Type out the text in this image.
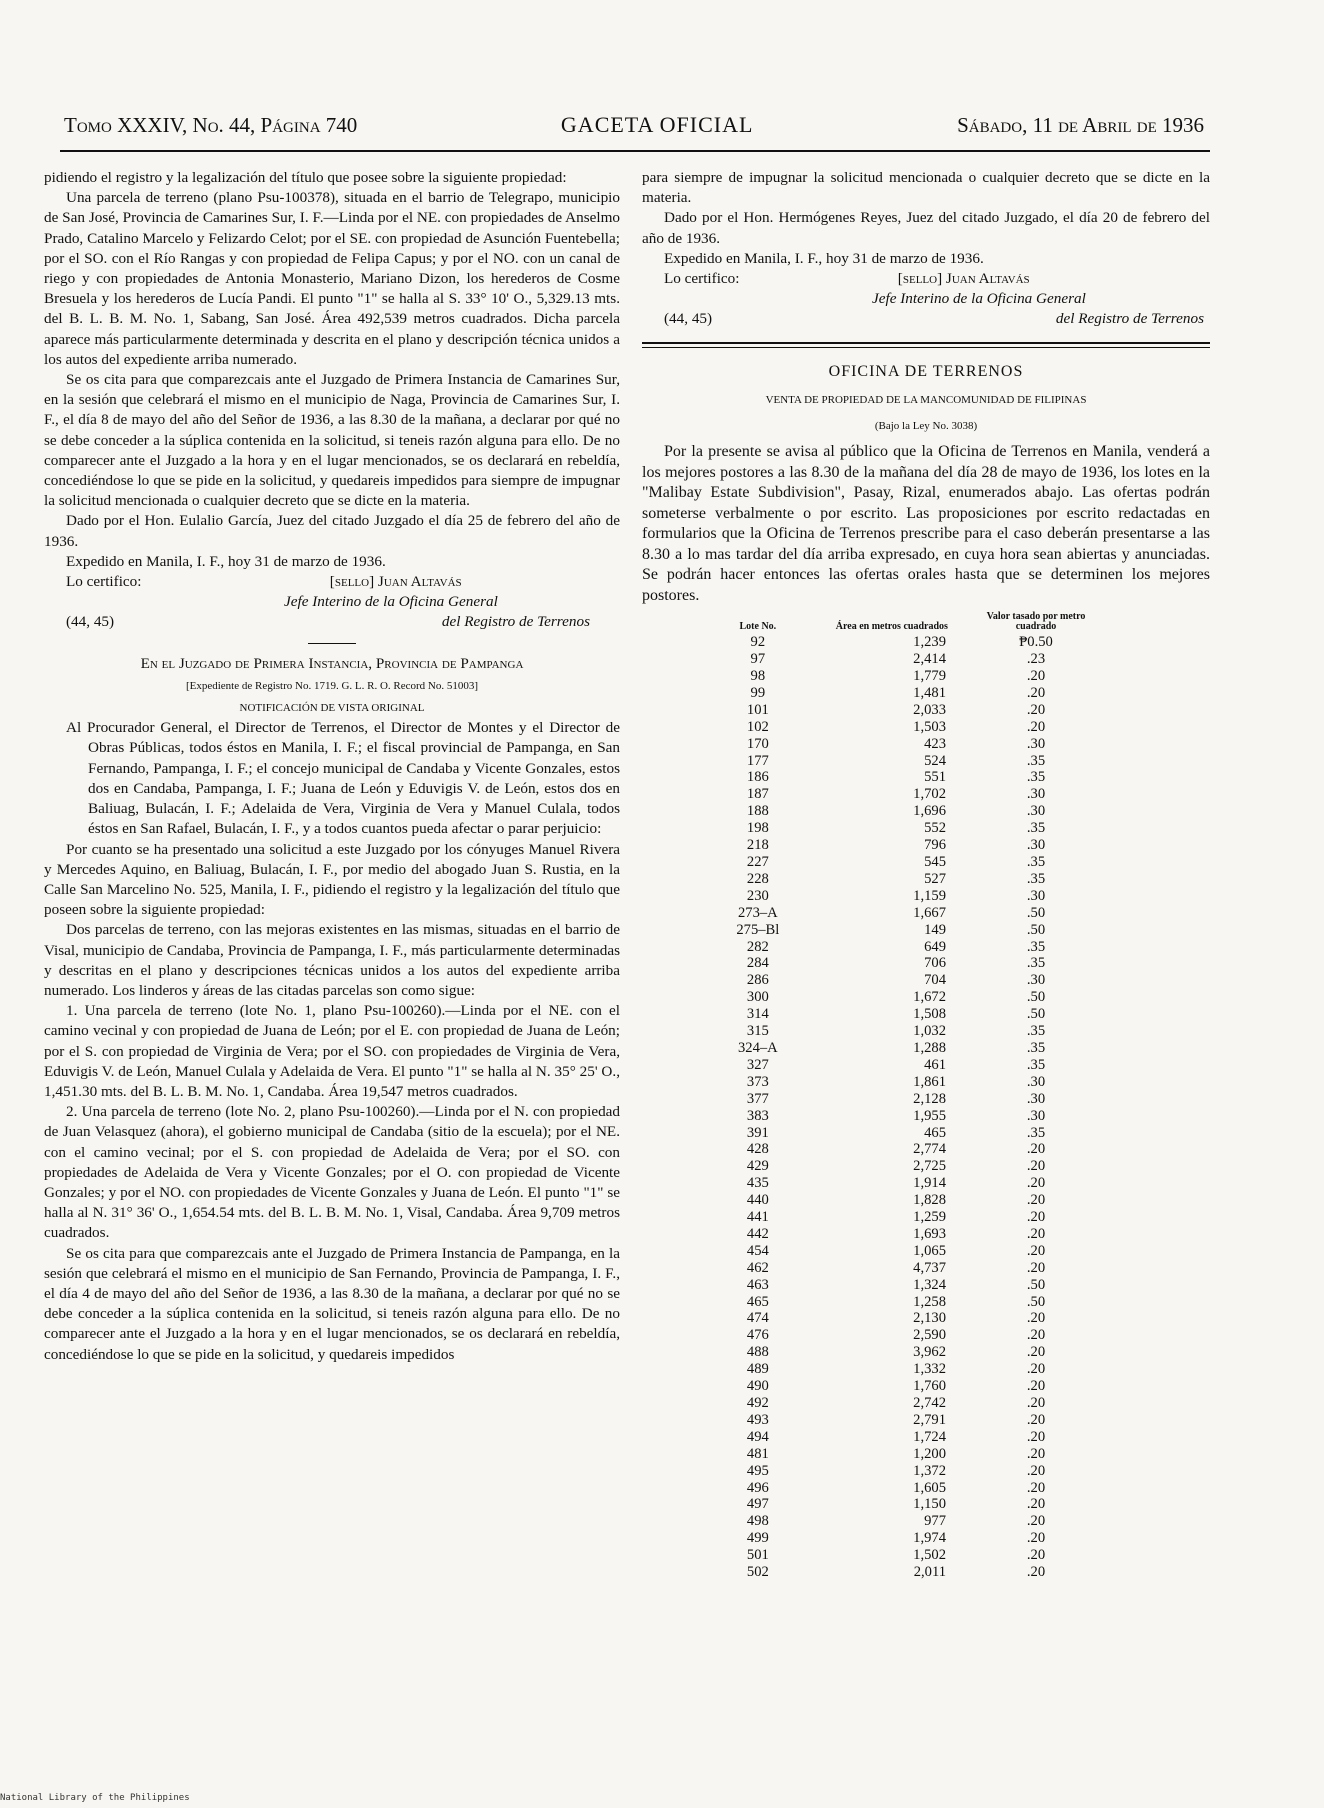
Tomo XXXIV, No. 44, Página 740	GACETA OFICIAL	Sábado, 11 de Abril de 1936

pidiendo el registro y la legalización del título que posee sobre la siguiente propiedad:

Una parcela de terreno (plano Psu-100378), situada en el barrio de Telegrapo, municipio de San José, Provincia de Camarines Sur, I. F.—Linda por el NE. con propiedades de Anselmo Prado, Catalino Marcelo y Felizardo Celot; por el SE. con propiedad de Asunción Fuentebella; por el SO. con el Río Rangas y con propiedad de Felipa Capus; y por el NO. con un canal de riego y con propiedades de Antonia Monasterio, Mariano Dizon, los herederos de Cosme Bresuela y los herederos de Lucía Pandi. El punto "1" se halla al S. 33° 10' O., 5,329.13 mts. del B. L. B. M. No. 1, Sabang, San José. Área 492,539 metros cuadrados. Dicha parcela aparece más particularmente determinada y descrita en el plano y descripción técnica unidos a los autos del expediente arriba numerado.

Se os cita para que comparezcais ante el Juzgado de Primera Instancia de Camarines Sur, en la sesión que celebrará el mismo en el municipio de Naga, Provincia de Camarines Sur, I. F., el día 8 de mayo del año del Señor de 1936, a las 8.30 de la mañana, a declarar por qué no se debe conceder a la súplica contenida en la solicitud, si teneis razón alguna para ello. De no comparecer ante el Juzgado a la hora y en el lugar mencionados, se os declarará en rebeldía, concediéndose lo que se pide en la solicitud, y quedareis impedidos para siempre de impugnar la solicitud mencionada o cualquier decreto que se dicte en la materia.

Dado por el Hon. Eulalio García, Juez del citado Juzgado el día 25 de febrero del año de 1936.

Expedido en Manila, I. F., hoy 31 de marzo de 1936.

Lo certifico:	[sello] Juan Altavás

Jefe Interino de la Oficina General

(44, 45)	del Registro de Terrenos

En el Juzgado de Primera Instancia, Provincia de Pampanga

[Expediente de Registro No. 1719. G. L. R. O. Record No. 51003]

NOTIFICACIÓN DE VISTA ORIGINAL

Al Procurador General, el Director de Terrenos, el Director de Montes y el Director de Obras Públicas, todos éstos en Manila, I. F.; el fiscal provincial de Pampanga, en San Fernando, Pampanga, I. F.; el concejo municipal de Candaba y Vicente Gonzales, estos dos en Candaba, Pampanga, I. F.; Juana de León y Eduvigis V. de León, estos dos en Baliuag, Bulacán, I. F.; Adelaida de Vera, Virginia de Vera y Manuel Culala, todos éstos en San Rafael, Bulacán, I. F., y a todos cuantos pueda afectar o parar perjuicio:

Por cuanto se ha presentado una solicitud a este Juzgado por los cónyuges Manuel Rivera y Mercedes Aquino, en Baliuag, Bulacán, I. F., por medio del abogado Juan S. Rustia, en la Calle San Marcelino No. 525, Manila, I. F., pidiendo el registro y la legalización del título que poseen sobre la siguiente propiedad:

Dos parcelas de terreno, con las mejoras existentes en las mismas, situadas en el barrio de Visal, municipio de Candaba, Provincia de Pampanga, I. F., más particularmente determinadas y descritas en el plano y descripciones técnicas unidos a los autos del expediente arriba numerado. Los linderos y áreas de las citadas parcelas son como sigue:

1. Una parcela de terreno (lote No. 1, plano Psu-100260).—Linda por el NE. con el camino vecinal y con propiedad de Juana de León; por el E. con propiedad de Juana de León; por el S. con propiedad de Virginia de Vera; por el SO. con propiedades de Virginia de Vera, Eduvigis V. de León, Manuel Culala y Adelaida de Vera. El punto "1" se halla al N. 35° 25' O., 1,451.30 mts. del B. L. B. M. No. 1, Candaba. Área 19,547 metros cuadrados.

2. Una parcela de terreno (lote No. 2, plano Psu-100260).—Linda por el N. con propiedad de Juan Velasquez (ahora), el gobierno municipal de Candaba (sitio de la escuela); por el NE. con el camino vecinal; por el S. con propiedad de Adelaida de Vera; por el SO. con propiedades de Adelaida de Vera y Vicente Gonzales; por el O. con propiedad de Vicente Gonzales; y por el NO. con propiedades de Vicente Gonzales y Juana de León. El punto "1" se halla al N. 31° 36' O., 1,654.54 mts. del B. L. B. M. No. 1, Visal, Candaba. Área 9,709 metros cuadrados.

Se os cita para que comparezcais ante el Juzgado de Primera Instancia de Pampanga, en la sesión que celebrará el mismo en el municipio de San Fernando, Provincia de Pampanga, I. F., el día 4 de mayo del año del Señor de 1936, a las 8.30 de la mañana, a declarar por qué no se debe conceder a la súplica contenida en la solicitud, si teneis razón alguna para ello. De no comparecer ante el Juzgado a la hora y en el lugar mencionados, se os declarará en rebeldía, concediéndose lo que se pide en la solicitud, y quedareis impedidos

para siempre de impugnar la solicitud mencionada o cualquier decreto que se dicte en la materia.

Dado por el Hon. Hermógenes Reyes, Juez del citado Juzgado, el día 20 de febrero del año de 1936.

Expedido en Manila, I. F., hoy 31 de marzo de 1936.

Lo certifico:	[sello] Juan Altavás

Jefe Interino de la Oficina General

(44, 45)	del Registro de Terrenos

OFICINA DE TERRENOS

VENTA DE PROPIEDAD DE LA MANCOMUNIDAD DE FILIPINAS

(Bajo la Ley No. 3038)

Por la presente se avisa al público que la Oficina de Terrenos en Manila, venderá a los mejores postores a las 8.30 de la mañana del día 28 de mayo de 1936, los lotes en la "Malibay Estate Subdivision", Pasay, Rizal, enumerados abajo. Las ofertas podrán someterse verbalmente o por escrito. Las proposiciones por escrito redactadas en formularios que la Oficina de Terrenos prescribe para el caso deberán presentarse a las 8.30 a lo mas tardar del día arriba expresado, en cuya hora sean abiertas y anunciadas. Se podrán hacer entonces las ofertas orales hasta que se determinen los mejores postores.

Lote No.	Área en metros cuadrados	Valor tasado por metro cuadrado
92	1,239	₱0.50
97	2,414	.23
98	1,779	.20
99	1,481	.20
101	2,033	.20
102	1,503	.20
170	423	.30
177	524	.35
186	551	.35
187	1,702	.30
188	1,696	.30
198	552	.35
218	796	.30
227	545	.35
228	527	.35
230	1,159	.30
273–A	1,667	.50
275–Bl	149	.50
282	649	.35
284	706	.35
286	704	.30
300	1,672	.50
314	1,508	.50
315	1,032	.35
324–A	1,288	.35
327	461	.35
373	1,861	.30
377	2,128	.30
383	1,955	.30
391	465	.35
428	2,774	.20
429	2,725	.20
435	1,914	.20
440	1,828	.20
441	1,259	.20
442	1,693	.20
454	1,065	.20
462	4,737	.20
463	1,324	.50
465	1,258	.50
474	2,130	.20
476	2,590	.20
488	3,962	.20
489	1,332	.20
490	1,760	.20
492	2,742	.20
493	2,791	.20
494	1,724	.20
481	1,200	.20
495	1,372	.20
496	1,605	.20
497	1,150	.20
498	977	.20
499	1,974	.20
501	1,502	.20
502	2,011	.20
National Library of the Philippines
